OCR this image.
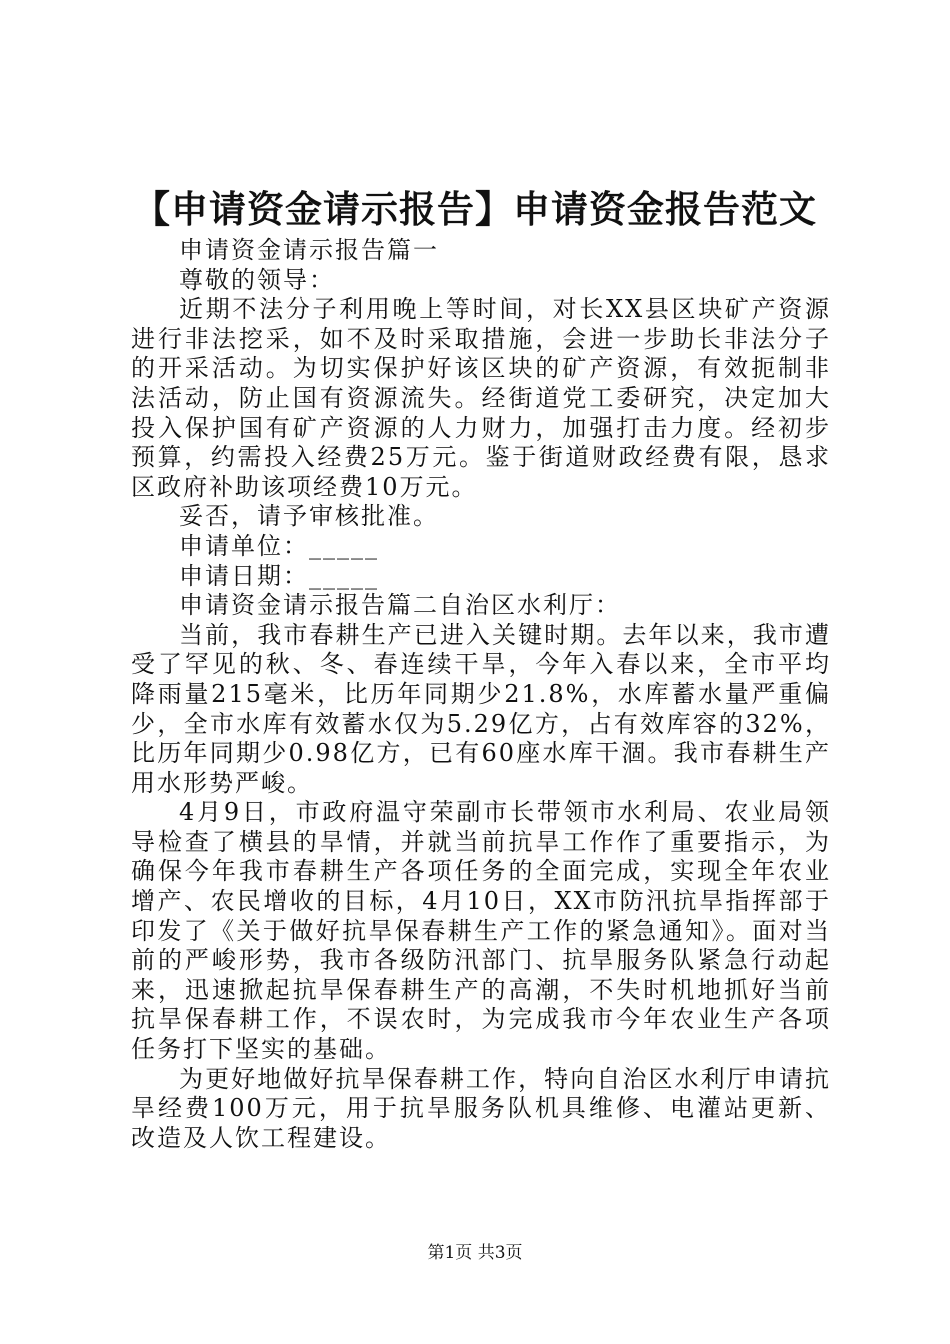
【申请资金请示报告】申请资金报告范文

申请资金请示报告篇一

尊敬的领导：

近期不法分子利用晚上等时间，对长XX县区块矿产资源进行非法挖采，如不及时采取措施，会进一步助长非法分子的开采活动。为切实保护好该区块的矿产资源，有效扼制非法活动，防止国有资源流失。经街道党工委研究，决定加大投入保护国有矿产资源的人力财力，加强打击力度。经初步预算，约需投入经费25万元。鉴于街道财政经费有限，恳求区政府补助该项经费10万元。

妥否，请予审核批准。

申请单位：_____

申请日期：_____

申请资金请示报告篇二自治区水利厅：

当前，我市春耕生产已进入关键时期。去年以来，我市遭受了罕见的秋、冬、春连续干旱，今年入春以来，全市平均降雨量215毫米，比历年同期少21.8%，水库蓄水量严重偏少，全市水库有效蓄水仅为5.29亿方，占有效库容的32%，比历年同期少0.98亿方，已有60座水库干涸。我市春耕生产用水形势严峻。

4月9日，市政府温守荣副市长带领市水利局、农业局领导检查了横县的旱情，并就当前抗旱工作作了重要指示，为确保今年我市春耕生产各项任务的全面完成，实现全年农业增产、农民增收的目标，4月10日，XX市防汛抗旱指挥部于印发了《关于做好抗旱保春耕生产工作的紧急通知》。面对当前的严峻形势，我市各级防汛部门、抗旱服务队紧急行动起来，迅速掀起抗旱保春耕生产的高潮，不失时机地抓好当前抗旱保春耕工作，不误农时，为完成我市今年农业生产各项任务打下坚实的基础。

为更好地做好抗旱保春耕工作，特向自治区水利厅申请抗旱经费100万元，用于抗旱服务队机具维修、电灌站更新、改造及人饮工程建设。

第1页 共3页
